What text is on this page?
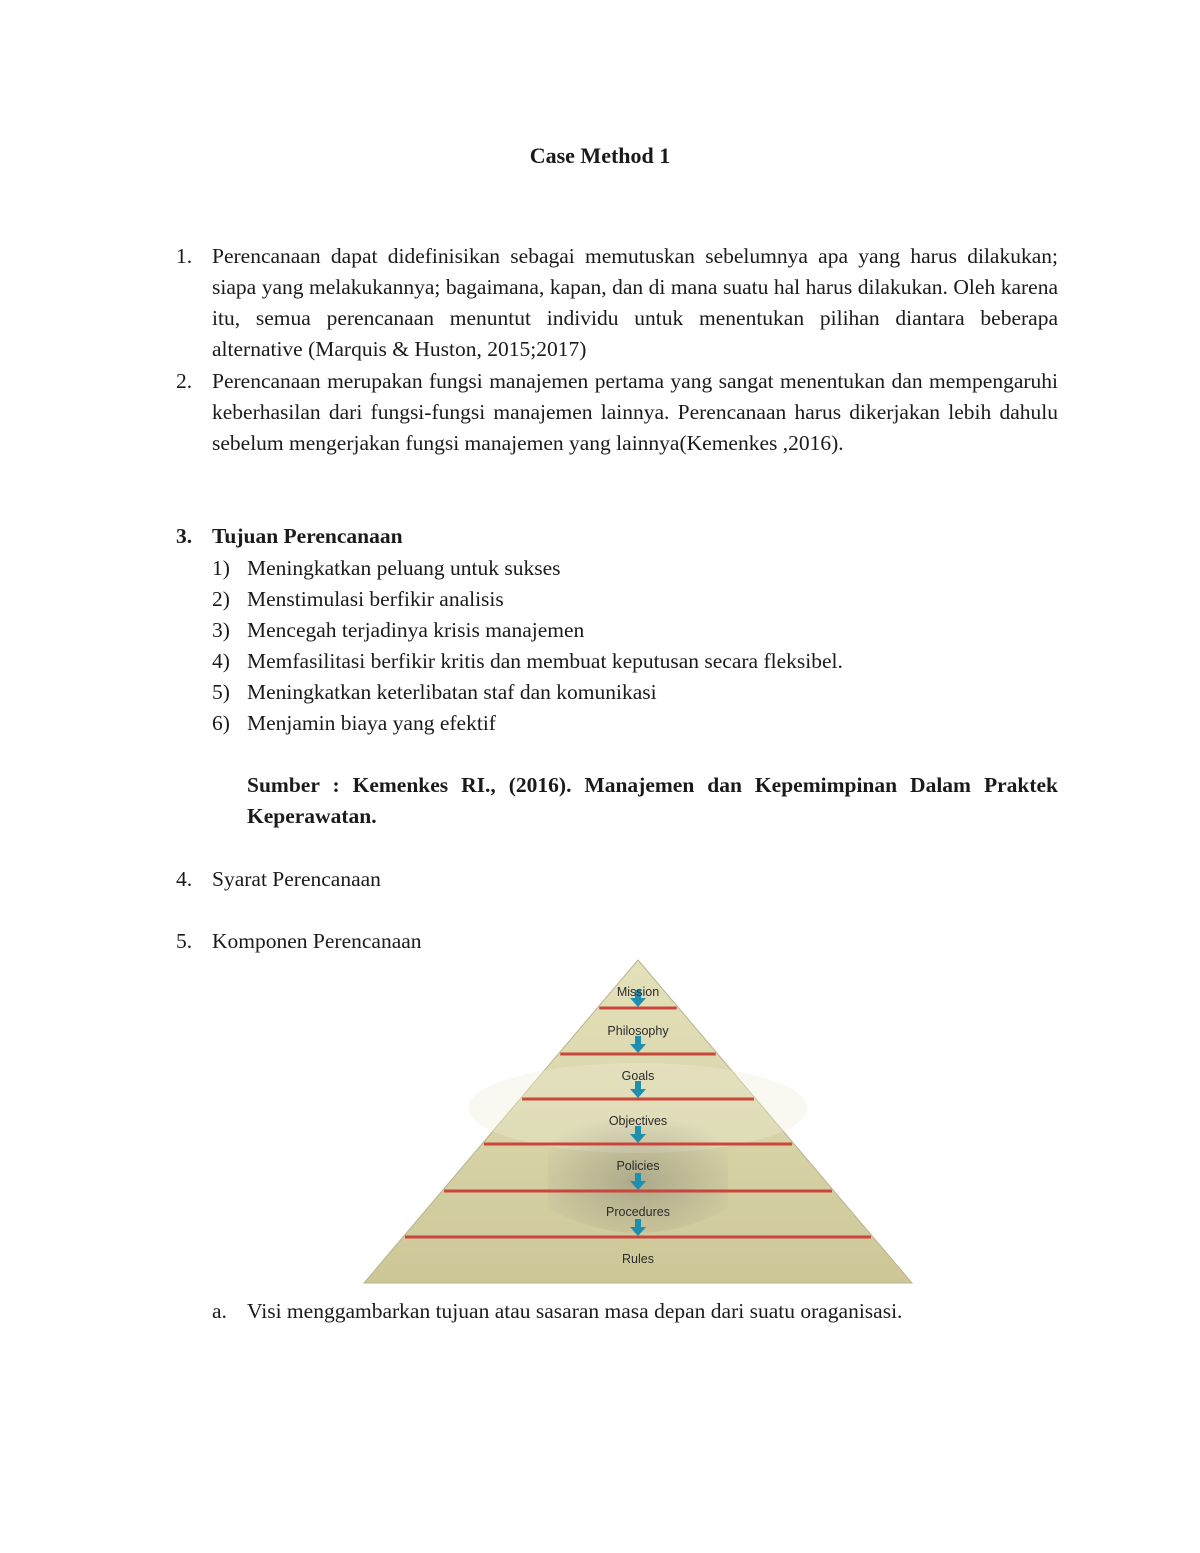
Case Method 1
1. Perencanaan dapat didefinisikan sebagai memutuskan sebelumnya apa yang harus dilakukan; siapa yang melakukannya; bagaimana, kapan, dan di mana suatu hal harus dilakukan. Oleh karena itu, semua perencanaan menuntut individu untuk menentukan pilihan diantara beberapa alternative (Marquis & Huston, 2015;2017)
2. Perencanaan merupakan fungsi manajemen pertama yang sangat menentukan dan mempengaruhi keberhasilan dari fungsi-fungsi manajemen lainnya. Perencanaan harus dikerjakan lebih dahulu sebelum mengerjakan fungsi manajemen yang lainnya(Kemenkes ,2016).
3. Tujuan Perencanaan
1) Meningkatkan peluang untuk sukses
2) Menstimulasi berfikir analisis
3) Mencegah terjadinya krisis manajemen
4) Memfasilitasi berfikir kritis dan membuat keputusan secara fleksibel.
5) Meningkatkan keterlibatan staf dan komunikasi
6) Menjamin biaya yang efektif
Sumber : Kemenkes RI., (2016). Manajemen dan Kepemimpinan Dalam Praktek Keperawatan.
4. Syarat Perencanaan
5. Komponen Perencanaan
Mission
Philosophy
Goals
Objectives
Policies
Procedures
Rules
a. Visi menggambarkan tujuan atau sasaran masa depan dari suatu oraganisasi.
